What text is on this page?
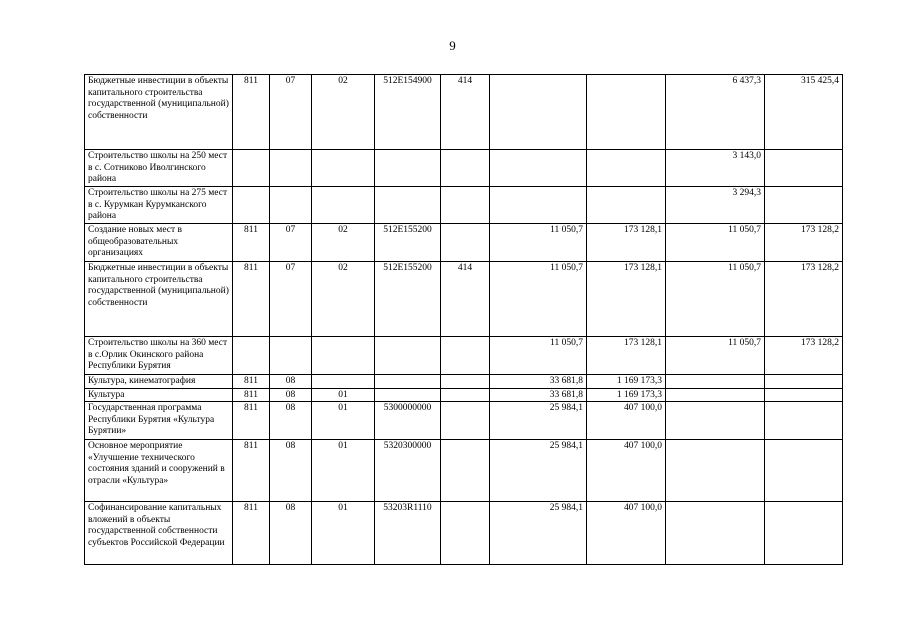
9
Бюджетные инвестиции в объекты капитального строительства государственной (муниципальной) собственности	811	07	02	512E154900	414			6 437,3	315 425,4
Строительство школы на 250 мест в с. Сотниково Иволгинского района								3 143,0	
Строительство школы на 275 мест в с. Курумкан Курумканского района								3 294,3	
Создание новых мест в общеобразовательных организациях	811	07	02	512E155200		11 050,7	173 128,1	11 050,7	173 128,2
Бюджетные инвестиции в объекты капитального строительства государственной (муниципальной) собственности	811	07	02	512E155200	414	11 050,7	173 128,1	11 050,7	173 128,2
Строительство школы на 360 мест в с.Орлик Окинского района Республики Бурятия						11 050,7	173 128,1	11 050,7	173 128,2
Культура, кинематография	811	08				33 681,8	1 169 173,3		
Культура	811	08	01			33 681,8	1 169 173,3		
Государственная программа Республики Бурятия «Культура Бурятии»	811	08	01	5300000000		25 984,1	407 100,0		
Основное мероприятие «Улучшение технического состояния зданий и сооружений в отрасли «Культура»	811	08	01	5320300000		25 984,1	407 100,0		
Софинансирование капитальных вложений в объекты государственной собственности субъектов Российской Федерации	811	08	01	53203R1110		25 984,1	407 100,0		
